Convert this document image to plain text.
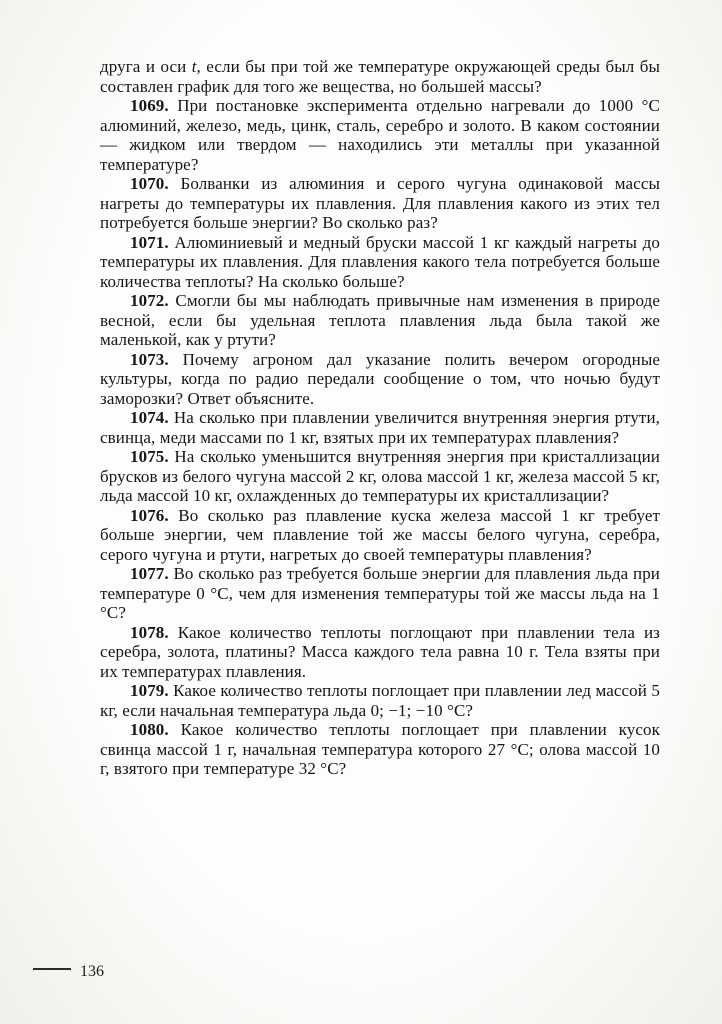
друга и оси t, если бы при той же температуре окружающей среды был бы составлен график для того же вещества, но большей массы?

1069. При постановке эксперимента отдельно нагревали до 1000 °С алюминий, железо, медь, цинк, сталь, серебро и золото. В каком состоянии — жидком или твердом — находились эти металлы при указанной температуре?

1070. Болванки из алюминия и серого чугуна одинаковой массы нагреты до температуры их плавления. Для плавления какого из этих тел потребуется больше энергии? Во сколько раз?

1071. Алюминиевый и медный бруски массой 1 кг каждый нагреты до температуры их плавления. Для плавления какого тела потребуется больше количества теплоты? На сколько больше?

1072. Смогли бы мы наблюдать привычные нам изменения в природе весной, если бы удельная теплота плавления льда была такой же маленькой, как у ртути?

1073. Почему агроном дал указание полить вечером огородные культуры, когда по радио передали сообщение о том, что ночью будут заморозки? Ответ объясните.

1074. На сколько при плавлении увеличится внутренняя энергия ртути, свинца, меди массами по 1 кг, взятых при их температурах плавления?

1075. На сколько уменьшится внутренняя энергия при кристаллизации брусков из белого чугуна массой 2 кг, олова массой 1 кг, железа массой 5 кг, льда массой 10 кг, охлажденных до температуры их кристаллизации?

1076. Во сколько раз плавление куска железа массой 1 кг требует больше энергии, чем плавление той же массы белого чугуна, серебра, серого чугуна и ртути, нагретых до своей температуры плавления?

1077. Во сколько раз требуется больше энергии для плавления льда при температуре 0 °С, чем для изменения температуры той же массы льда на 1 °С?

1078. Какое количество теплоты поглощают при плавлении тела из серебра, золота, платины? Масса каждого тела равна 10 г. Тела взяты при их температурах плавления.

1079. Какое количество теплоты поглощает при плавлении лед массой 5 кг, если начальная температура льда 0; −1; −10 °С?

1080. Какое количество теплоты поглощает при плавлении кусок свинца массой 1 г, начальная температура которого 27 °С; олова массой 10 г, взятого при температуре 32 °С?

136
